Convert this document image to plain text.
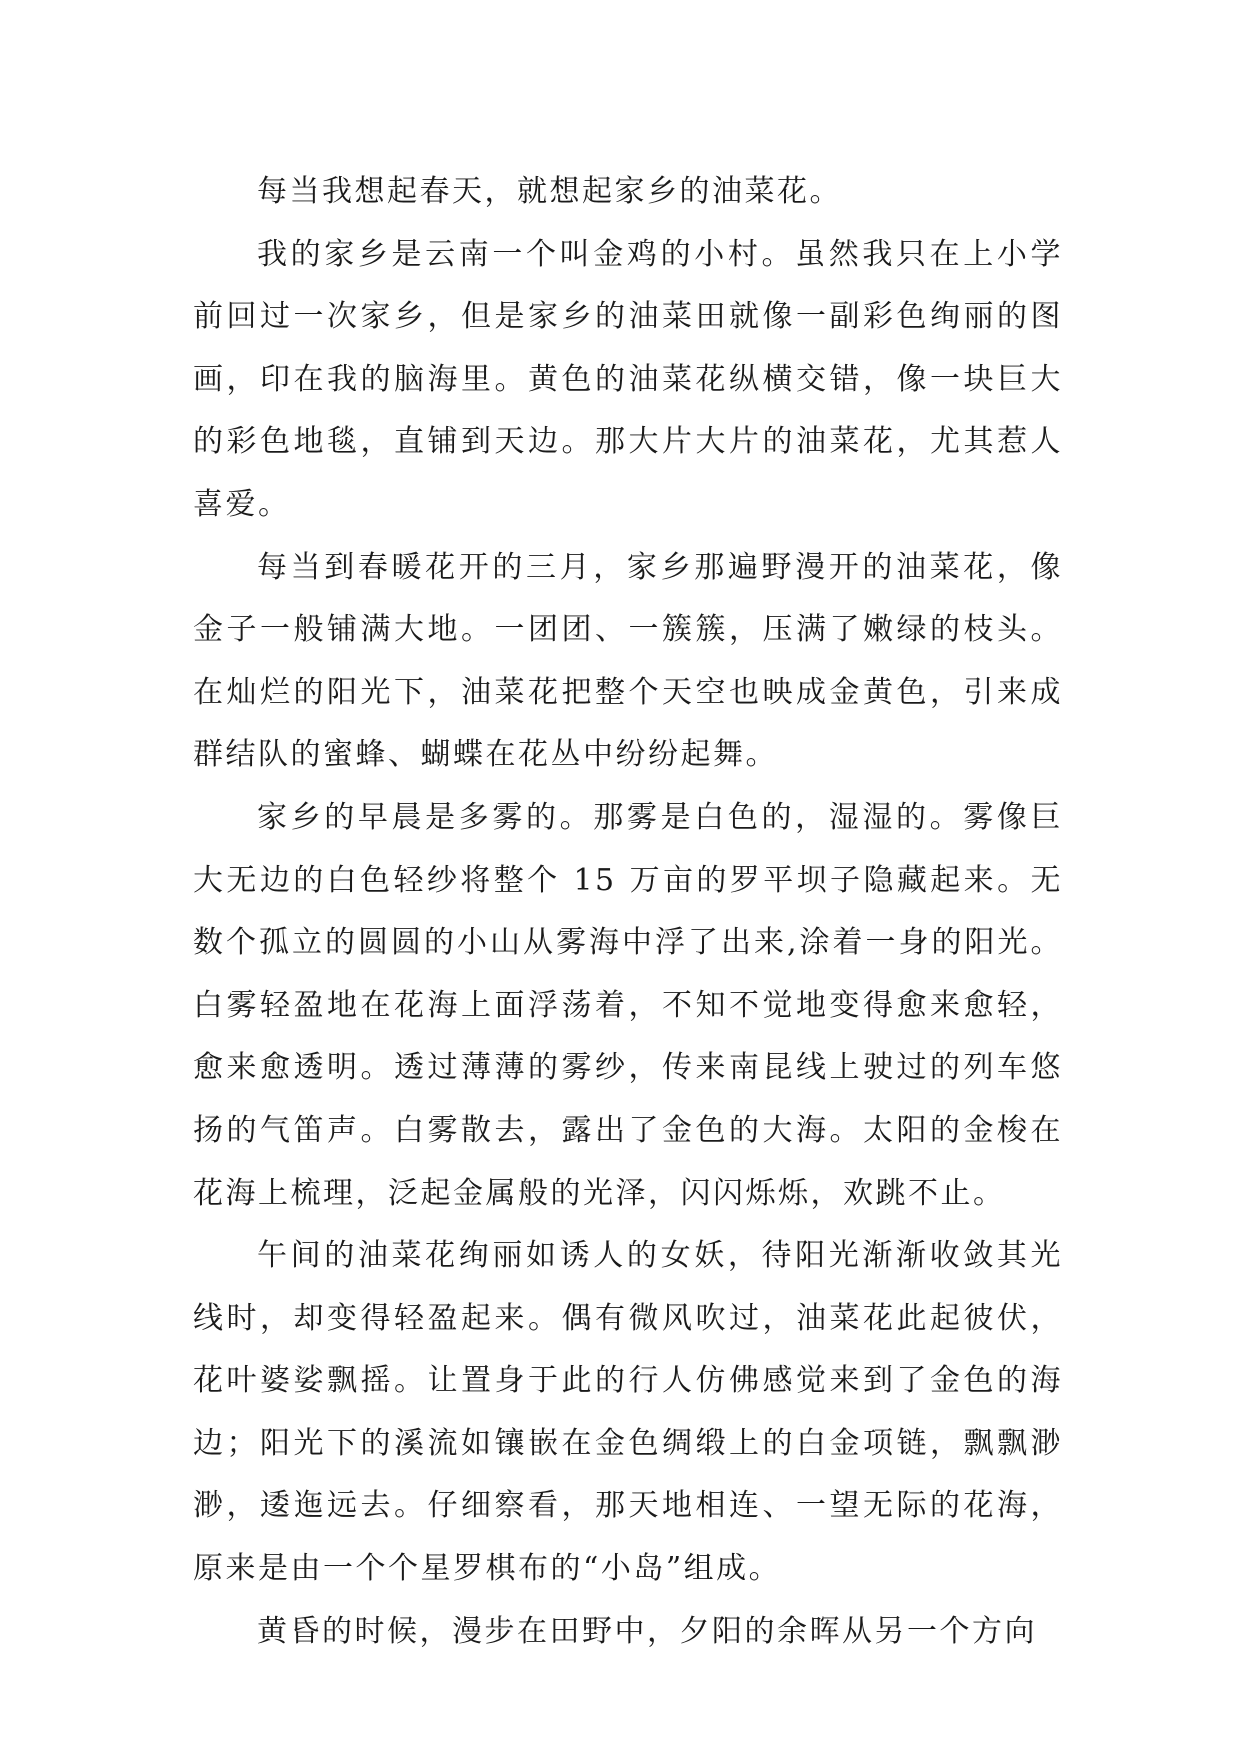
每当我想起春天，就想起家乡的油菜花。

我的家乡是云南一个叫金鸡的小村。虽然我只在上小学前回过一次家乡，但是家乡的油菜田就像一副彩色绚丽的图画，印在我的脑海里。黄色的油菜花纵横交错，像一块巨大的彩色地毯，直铺到天边。那大片大片的油菜花，尤其惹人喜爱。

每当到春暖花开的三月，家乡那遍野漫开的油菜花，像金子一般铺满大地。一团团、一簇簇，压满了嫩绿的枝头。在灿烂的阳光下，油菜花把整个天空也映成金黄色，引来成群结队的蜜蜂、蝴蝶在花丛中纷纷起舞。

家乡的早晨是多雾的。那雾是白色的，湿湿的。雾像巨大无边的白色轻纱将整个 15 万亩的罗平坝子隐藏起来。无数个孤立的圆圆的小山从雾海中浮了出来,涂着一身的阳光。白雾轻盈地在花海上面浮荡着，不知不觉地变得愈来愈轻，愈来愈透明。透过薄薄的雾纱，传来南昆线上驶过的列车悠扬的气笛声。白雾散去，露出了金色的大海。太阳的金梭在花海上梳理，泛起金属般的光泽，闪闪烁烁，欢跳不止。

午间的油菜花绚丽如诱人的女妖，待阳光渐渐收敛其光线时，却变得轻盈起来。偶有微风吹过，油菜花此起彼伏，花叶婆娑飘摇。让置身于此的行人仿佛感觉来到了金色的海边；阳光下的溪流如镶嵌在金色绸缎上的白金项链，飘飘渺渺，逶迤远去。仔细察看，那天地相连、一望无际的花海，原来是由一个个星罗棋布的“小岛”组成。

黄昏的时候，漫步在田野中，夕阳的余晖从另一个方向
